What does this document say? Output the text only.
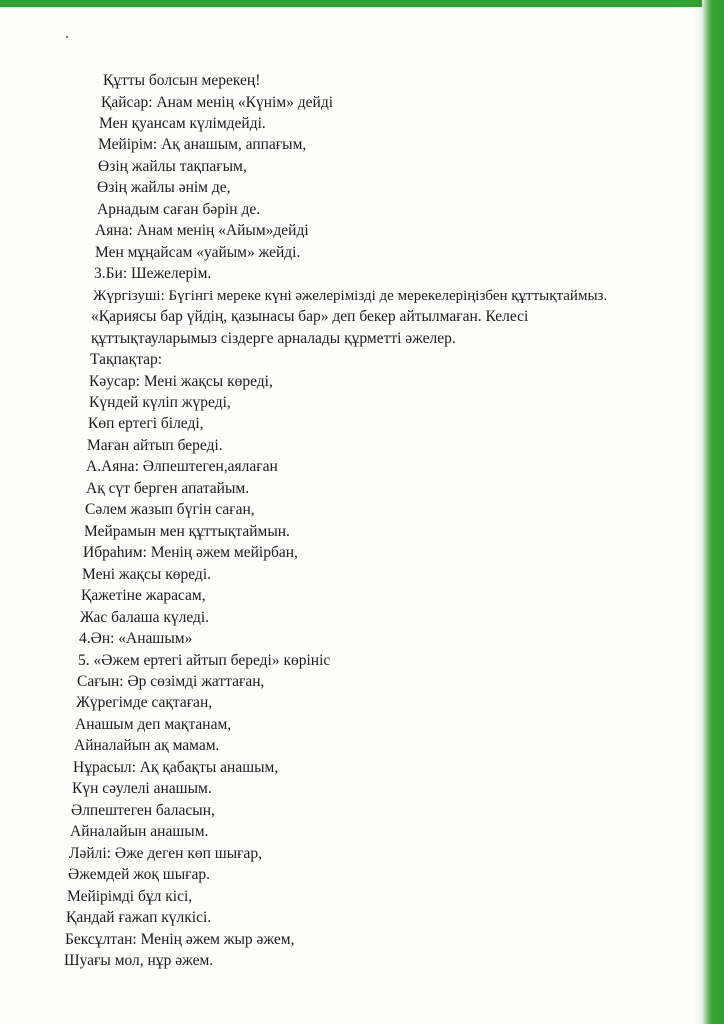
Құтты болсын мерекең!
Қайсар: Анам менің «Күнім» дейді
Мен қуансам күлімдейді.
Мейірім: Ақ анашым, аппағым,
Өзің жайлы тақпағым,
Өзің жайлы әнім де,
Арнадым саған бәрін де.
Аяна: Анам менің «Айым»дейді
Мен мұңайсам «уайым» жейді.
3.Би: Шежелерім.
Жүргізуші: Бүгінгі мереке күні әжелерімізді де мерекелеріңізбен құттықтаймыз.
«Қариясы бар үйдің, қазынасы бар» деп бекер айтылмаған. Келесі
құттықтауларымыз сіздерге арналады құрметті әжелер.
Тақпақтар:
Кәусар: Мені жақсы көреді,
Күндей күліп жүреді,
Көп ертегі біледі,
Маған айтып береді.
А.Аяна: Әлпештеген,аялаған
Ақ сүт берген апатайым.
Сәлем жазып бүгін саған,
Мейрамын мен құттықтаймын.
Ибраһим: Менің әжем мейірбан,
Мені жақсы көреді.
Қажетіне жарасам,
Жас балаша күледі.
4.Ән: «Анашым»
5. «Әжем ертегі айтып береді» көрініс
Сағын: Әр сөзімді жаттаған,
Жүрегімде сақтаған,
Анашым деп мақтанам,
Айналайын ақ мамам.
Нұрасыл: Ақ қабақты анашым,
Күн сәулелі анашым.
Әлпештеген баласын,
Айналайын анашым.
Ләйлі: Әже деген көп шығар,
Әжемдей жоқ шығар.
Мейірімді бұл кісі,
Қандай ғажап күлкісі.
Бексұлтан: Менің әжем жыр әжем,
Шуағы мол, нұр әжем.
